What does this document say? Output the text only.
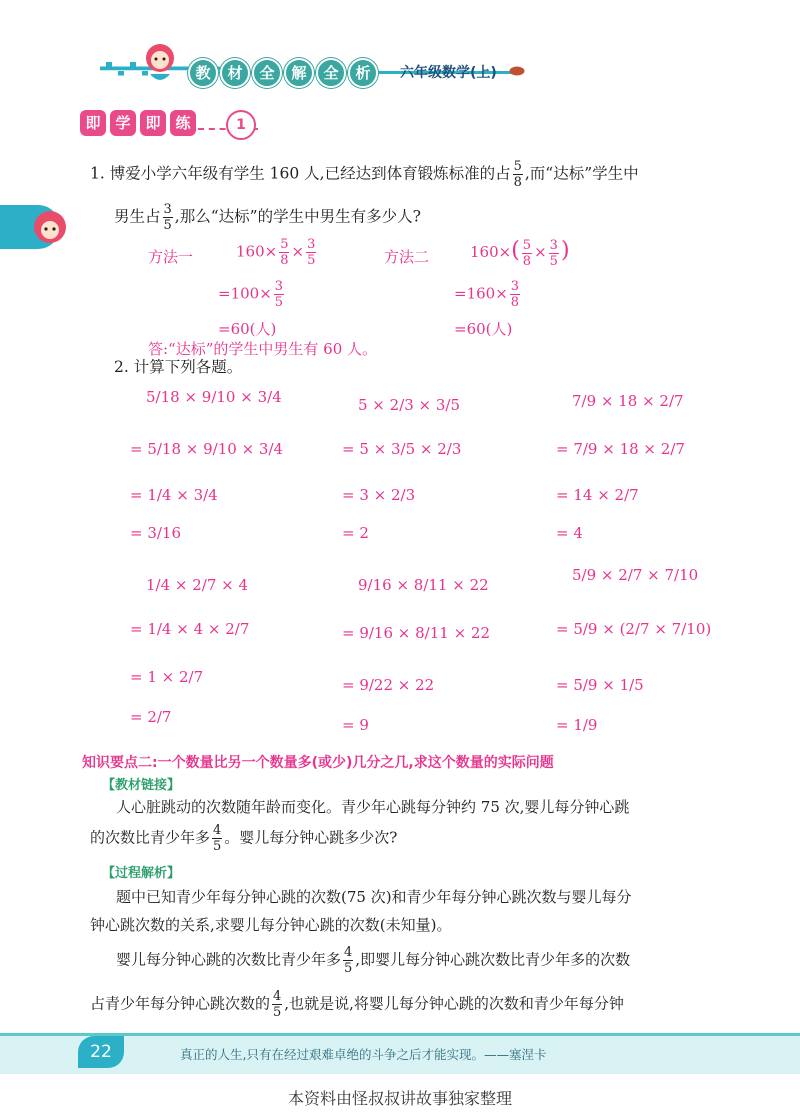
教	材	全	解	全	析	六年级数学(上)
即 学 即 练	1
1. 博爱小学六年级有学生 160 人,已经达到体育锻炼标准的占 $\frac{5}{8}$ ,而“达标”学生中
男生占 $\frac{3}{5}$ ,那么“达标”的学生中男生有多少人?
方法一	$160\times \frac{5}{8} \times \frac{3}{5}$
$=100\times \frac{3}{5}$
=60(人)
方法二	$160\times( \frac{5}{8} \times \frac{3}{5}$ )
$=160\times \frac{3}{8}$
=60(人)
答:“达标”的学生中男生有 60 人。
2. 计算下列各题。
5/18 × 9/10 × 3/4
= 5/18 × 9/10 × 3/4
= 1/4 × 3/4
= 3/16
5 × 2/3 × 3/5
= 5 × 3/5 × 2/3
= 3 × 2/3
= 2
7/9 × 18 × 2/7
= 7/9 × 18 × 2/7
= 14 × 2/7
= 4
1/4 × 2/7 × 4
= 1/4 × 4 × 2/7
= 1 × 2/7
= 2/7
9/16 × 8/11 × 22
= 9/16 × 8/11 × 22
= 9/22 × 22
= 9
5/9 × 2/7 × 7/10
= 5/9 × (2/7 × 7/10)
= 5/9 × 1/5
= 1/9
知识要点二:一个数量比另一个数量多(或少)几分之几,求这个数量的实际问题
【教材链接】
人心脏跳动的次数随年龄而变化。青少年心跳每分钟约 75 次,婴儿每分钟心跳
的次数比青少年多 $\frac{4}{5}$ 。婴儿每分钟心跳多少次?
【过程解析】
题中已知青少年每分钟心跳的次数(75 次)和青少年每分钟心跳次数与婴儿每分
钟心跳次数的关系,求婴儿每分钟心跳的次数(未知量)。
婴儿每分钟心跳的次数比青少年多 $\frac{4}{5}$ ,即婴儿每分钟心跳次数比青少年多的次数
占青少年每分钟心跳次数的 $\frac{4}{5}$ ,也就是说,将婴儿每分钟心跳的次数和青少年每分钟
22	真正的人生,只有在经过艰难卓绝的斗争之后才能实现。——塞涅卡
本资料由怪叔叔讲故事独家整理
